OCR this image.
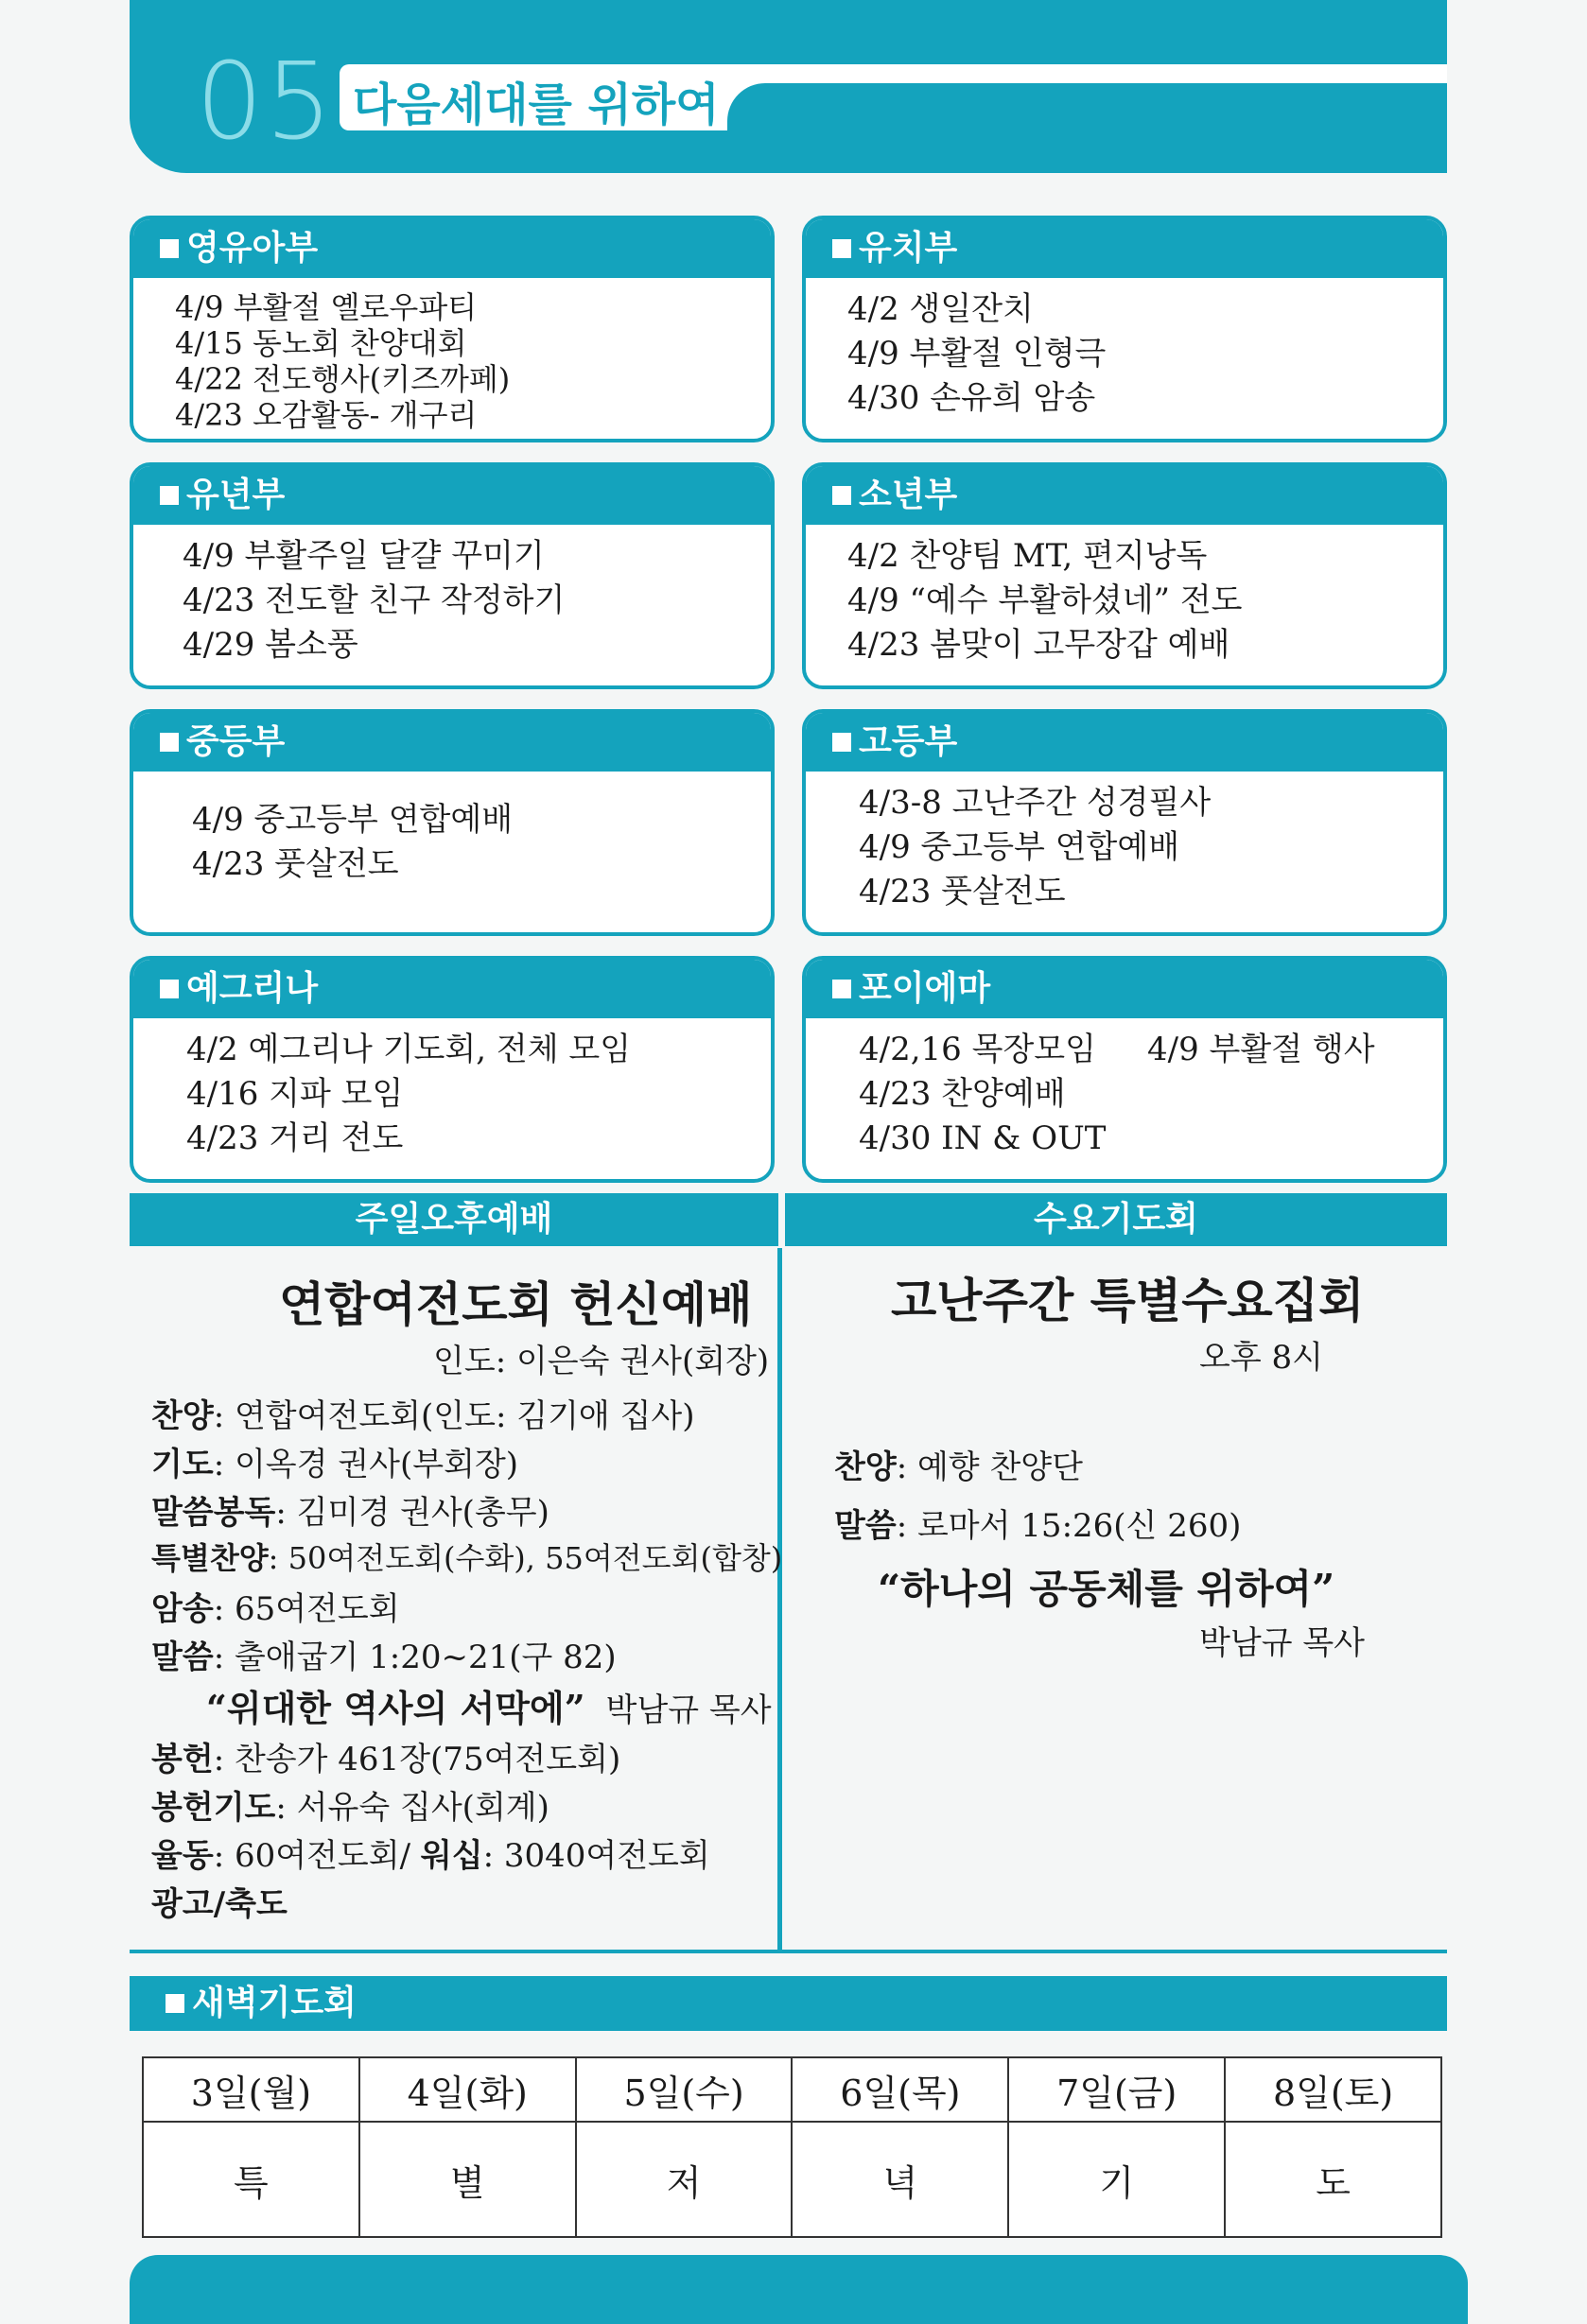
05 다음세대를 위하여
영유아부
4/9 부활절 옐로우파티
4/15 동노회 찬양대회
4/22 전도행사(키즈까페)
4/23 오감활동- 개구리
유치부
4/2 생일잔치
4/9 부활절 인형극
4/30 손유희 암송
유년부
4/9 부활주일 달걀 꾸미기
4/23 전도할 친구 작정하기
4/29 봄소풍
소년부
4/2 찬양팀 MT, 편지낭독
4/9 “예수 부활하셨네” 전도
4/23 봄맞이 고무장갑 예배
중등부
4/9 중고등부 연합예배
4/23 풋살전도
고등부
4/3-8 고난주간 성경필사
4/9 중고등부 연합예배
4/23 풋살전도
예그리나
4/2 예그리나 기도회, 전체 모임
4/16 지파 모임
4/23 거리 전도
포이에마
4/2,16 목장모임     4/9 부활절 행사
4/23 찬양예배
4/30 IN & OUT
주일오후예배	수요기도회
연합여전도회 헌신예배
인도: 이은숙 권사(회장)
찬양: 연합여전도회(인도: 김기애 집사)
기도: 이옥경 권사(부회장)
말씀봉독: 김미경 권사(총무)
특별찬양: 50여전도회(수화), 55여전도회(합창)
암송: 65여전도회
말씀: 출애굽기 1:20~21(구 82)
“위대한 역사의 서막에” 박남규 목사
봉헌: 찬송가 461장(75여전도회)
봉헌기도: 서유숙 집사(회계)
율동: 60여전도회/ 워십: 3040여전도회
광고/축도
고난주간 특별수요집회
오후 8시
찬양: 예향 찬양단
말씀: 로마서 15:26(신 260)
“하나의 공동체를 위하여”
박남규 목사
새벽기도회
3일(월)	4일(화)	5일(수)	6일(목)	7일(금)	8일(토)
특	별	저	녁	기	도
